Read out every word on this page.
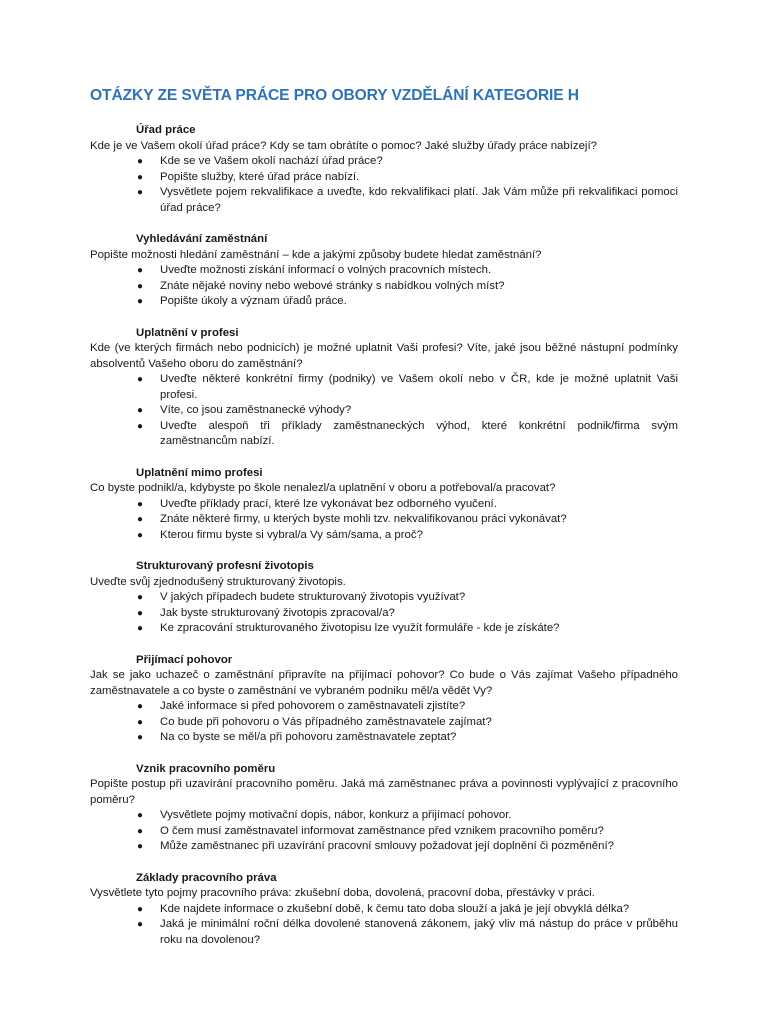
OTÁZKY ZE SVĚTA PRÁCE PRO OBORY VZDĚLÁNÍ KATEGORIE H
Úřad práce
Kde je ve Vašem okolí úřad práce? Kdy se tam obrátíte o pomoc? Jaké služby úřady práce nabízejí?
● Kde se ve Vašem okolí nachází úřad práce?
● Popište služby, které úřad práce nabízí.
● Vysvětlete pojem rekvalifikace a uveďte, kdo rekvalifikaci platí. Jak Vám může při rekvalifikaci pomoci úřad práce?
Vyhledávání zaměstnání
Popište možnosti hledání zaměstnání – kde a jakými způsoby budete hledat zaměstnání?
● Uveďte možnosti získání informací o volných pracovních místech.
● Znáte nějaké noviny nebo webové stránky s nabídkou volných míst?
● Popište úkoly a význam úřadů práce.
Uplatnění v profesi
Kde (ve kterých firmách nebo podnicích) je možné uplatnit Vaši profesi? Víte, jaké jsou běžné nástupní podmínky absolventů Vašeho oboru do zaměstnání?
● Uveďte některé konkrétní firmy (podniky) ve Vašem okolí nebo v ČR, kde je možné uplatnit Vaši profesi.
● Víte, co jsou zaměstnanecké výhody?
● Uveďte alespoň tři příklady zaměstnaneckých výhod, které konkrétní podnik/firma svým zaměstnancům nabízí.
Uplatnění mimo profesi
Co byste podnikl/a, kdybyste po škole nenalezl/a uplatnění v oboru a potřeboval/a pracovat?
● Uveďte příklady prací, které lze vykonávat bez odborného vyučení.
● Znáte některé firmy, u kterých byste mohli tzv. nekvalifikovanou práci vykonávat?
● Kterou firmu byste si vybral/a Vy sám/sama, a proč?
Strukturovaný profesní životopis
Uveďte svůj zjednodušený strukturovaný životopis.
● V jakých případech budete strukturovaný životopis využívat?
● Jak byste strukturovaný životopis zpracoval/a?
● Ke zpracování strukturovaného životopisu lze využít formuláře - kde je získáte?
Přijímací pohovor
Jak se jako uchazeč o zaměstnání připravíte na přijímací pohovor? Co bude o Vás zajímat Vašeho případného zaměstnavatele a co byste o zaměstnání ve vybraném podniku měl/a vědět Vy?
● Jaké informace si před pohovorem o zaměstnavateli zjistíte?
● Co bude při pohovoru o Vás případného zaměstnavatele zajímat?
● Na co byste se měl/a při pohovoru zaměstnavatele zeptat?
Vznik pracovního poměru
Popište postup při uzavírání pracovního poměru. Jaká má zaměstnanec práva a povinnosti vyplývající z pracovního poměru?
● Vysvětlete pojmy motivační dopis, nábor, konkurz a přijímací pohovor.
● O čem musí zaměstnavatel informovat zaměstnance před vznikem pracovního poměru?
● Může zaměstnanec při uzavírání pracovní smlouvy požadovat její doplnění či pozměnění?
Základy pracovního práva
Vysvětlete tyto pojmy pracovního práva: zkušební doba, dovolená, pracovní doba, přestávky v práci.
● Kde najdete informace o zkušební době, k čemu tato doba slouží a jaká je její obvyklá délka?
● Jaká je minimální roční délka dovolené stanovená zákonem, jaký vliv má nástup do práce v průběhu roku na dovolenou?
